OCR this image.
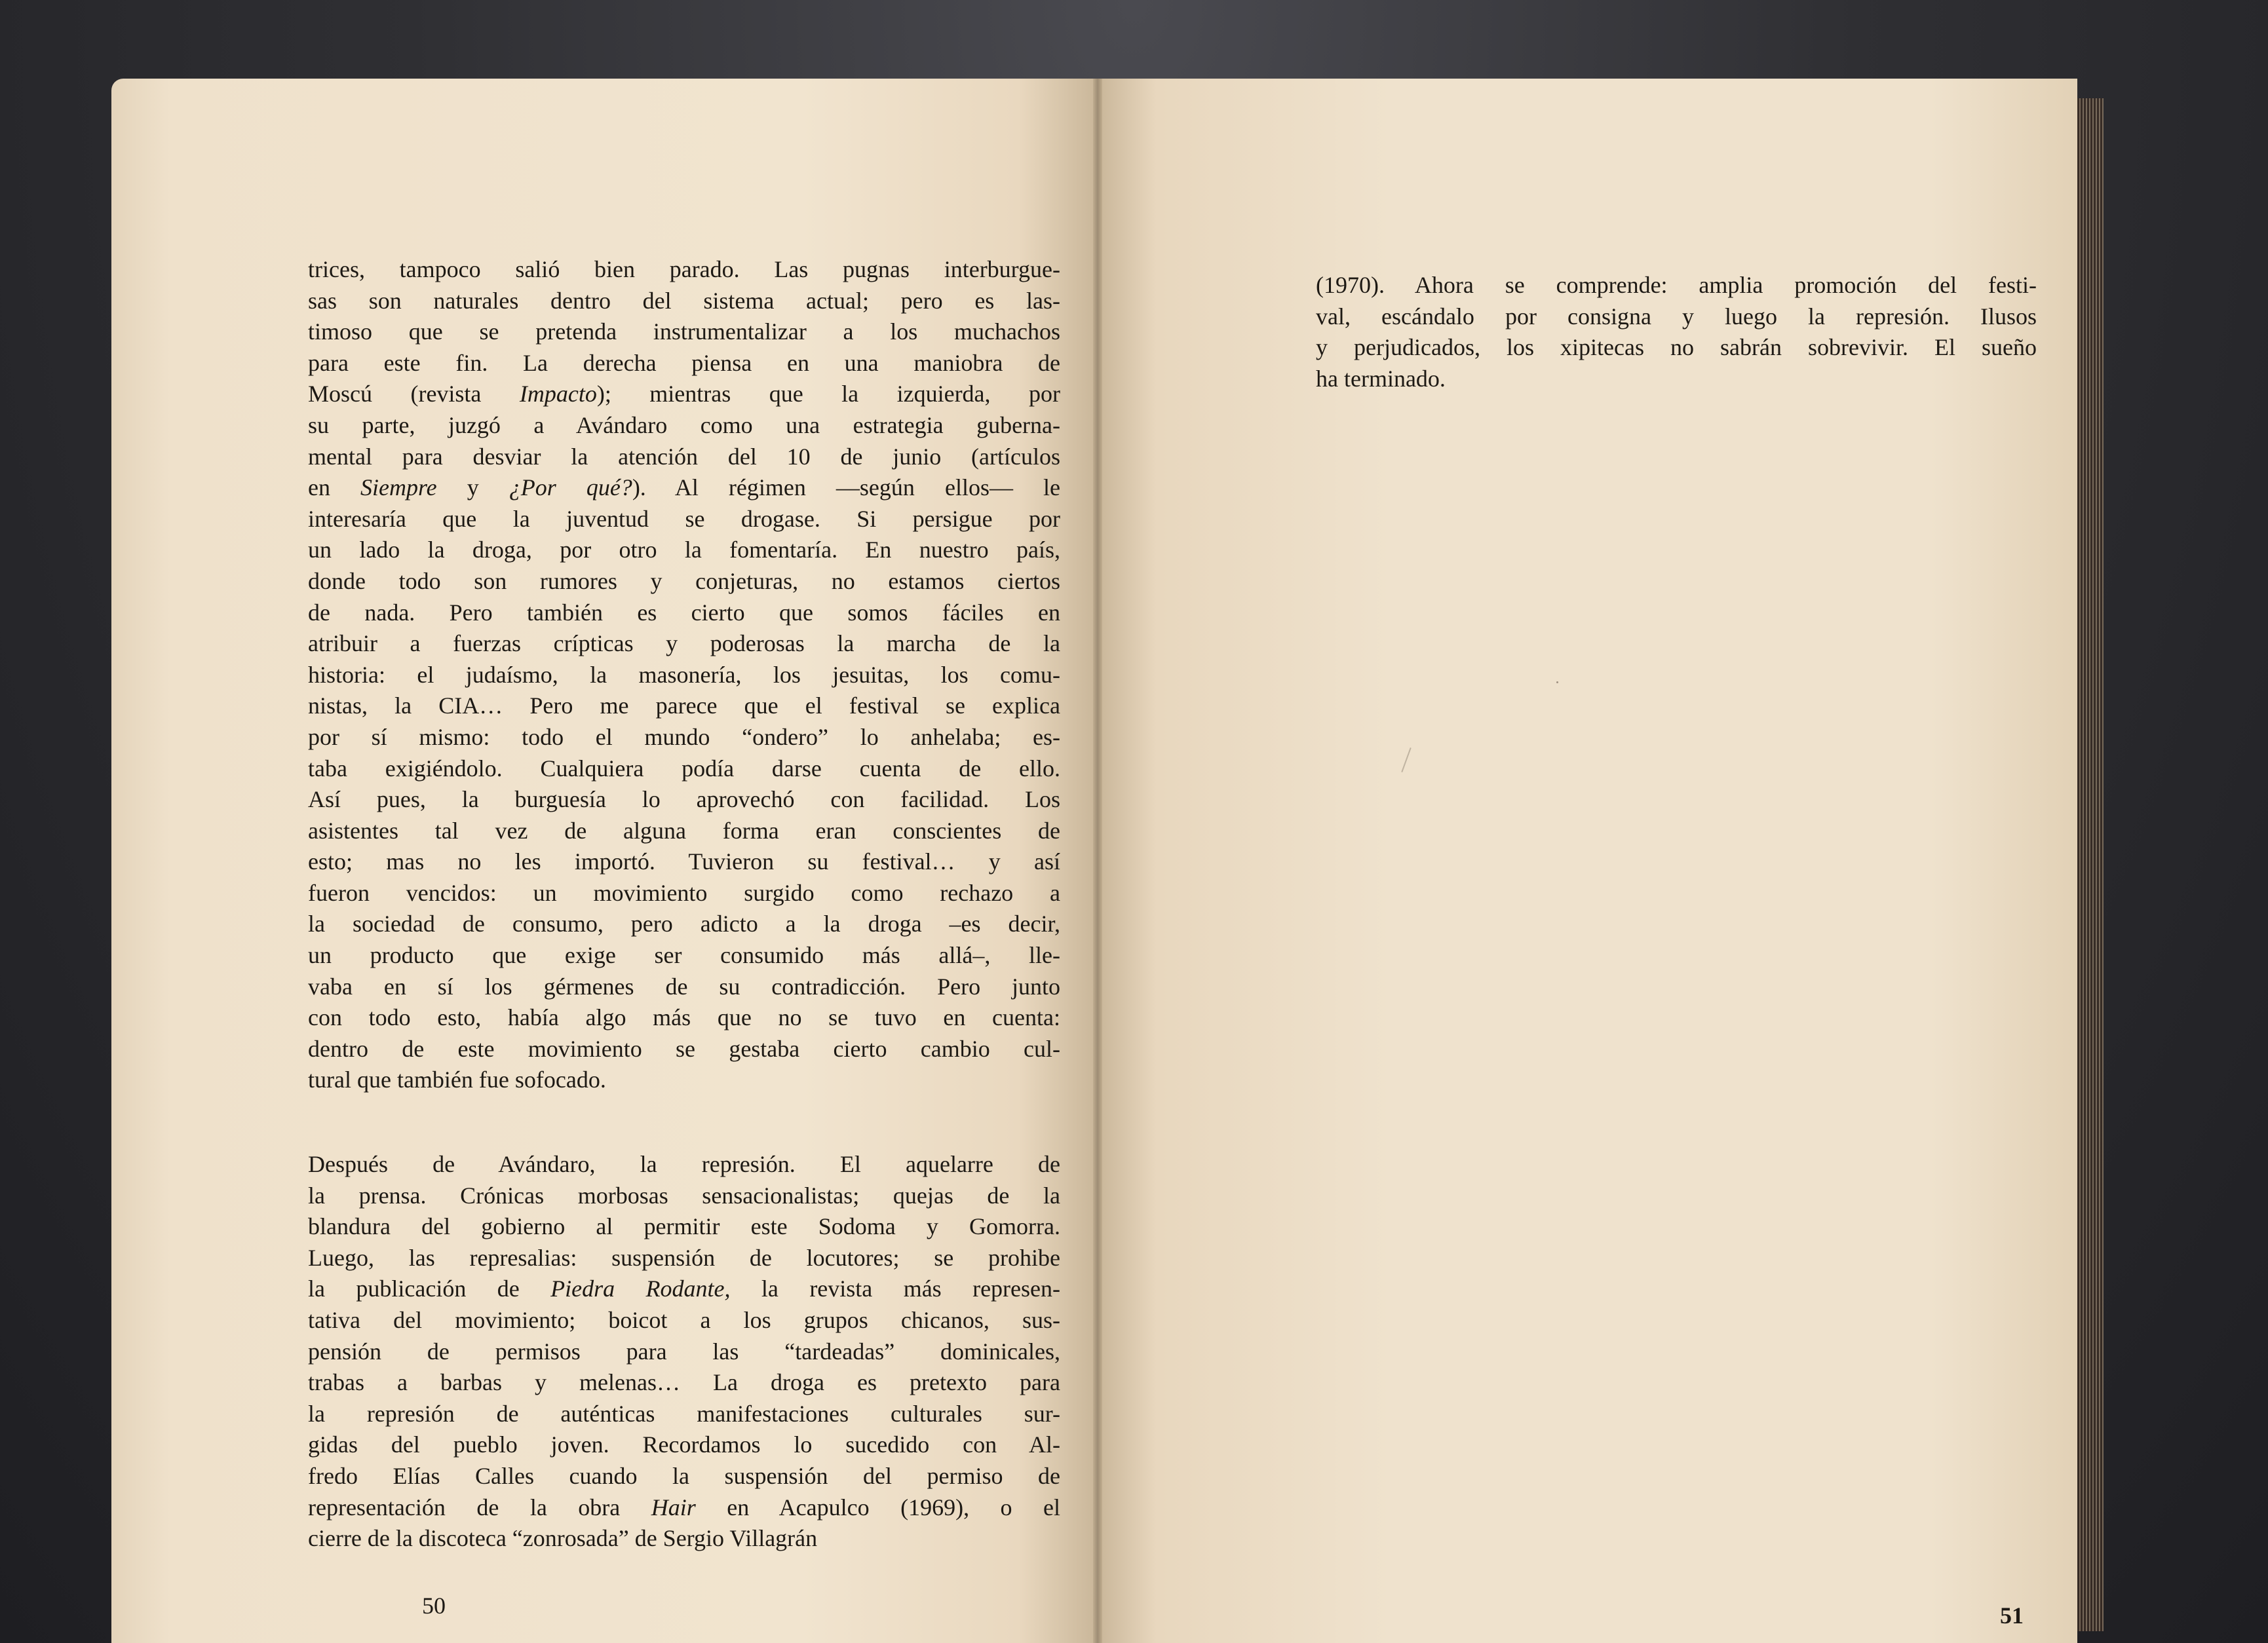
trices, tampoco salió bien parado. Las pugnas interburgue-
sas son naturales dentro del sistema actual; pero es las-
timoso que se pretenda instrumentalizar a los muchachos
para este fin. La derecha piensa en una maniobra de
Moscú (revista Impacto); mientras que la izquierda, por
su parte, juzgó a Avándaro como una estrategia guberna-
mental para desviar la atención del 10 de junio (artículos
en Siempre y ¿Por qué?). Al régimen —según ellos— le
interesaría que la juventud se drogase. Si persigue por
un lado la droga, por otro la fomentaría. En nuestro país,
donde todo son rumores y conjeturas, no estamos ciertos
de nada. Pero también es cierto que somos fáciles en
atribuir a fuerzas crípticas y poderosas la marcha de la
historia: el judaísmo, la masonería, los jesuitas, los comu-
nistas, la CIA… Pero me parece que el festival se explica
por sí mismo: todo el mundo “ondero” lo anhelaba; es-
taba exigiéndolo. Cualquiera podía darse cuenta de ello.
Así pues, la burguesía lo aprovechó con facilidad. Los
asistentes tal vez de alguna forma eran conscientes de
esto; mas no les importó. Tuvieron su festival… y así
fueron vencidos: un movimiento surgido como rechazo a
la sociedad de consumo, pero adicto a la droga –es decir,
un producto que exige ser consumido más allá–, lle-
vaba en sí los gérmenes de su contradicción. Pero junto
con todo esto, había algo más que no se tuvo en cuenta:
dentro de este movimiento se gestaba cierto cambio cul-
tural que también fue sofocado.
Después de Avándaro, la represión. El aquelarre de
la prensa. Crónicas morbosas sensacionalistas; quejas de la
blandura del gobierno al permitir este Sodoma y Gomorra.
Luego, las represalias: suspensión de locutores; se prohibe
la publicación de Piedra Rodante, la revista más represen-
tativa del movimiento; boicot a los grupos chicanos, sus-
pensión de permisos para las “tardeadas” dominicales,
trabas a barbas y melenas… La droga es pretexto para
la represión de auténticas manifestaciones culturales sur-
gidas del pueblo joven. Recordamos lo sucedido con Al-
fredo Elías Calles cuando la suspensión del permiso de
representación de la obra Hair en Acapulco (1969), o el
cierre de la discoteca “zonrosada” de Sergio Villagrán
50
(1970). Ahora se comprende: amplia promoción del festi-
val, escándalo por consigna y luego la represión. Ilusos
y perjudicados, los xipitecas no sabrán sobrevivir. El sueño
ha terminado.
51
